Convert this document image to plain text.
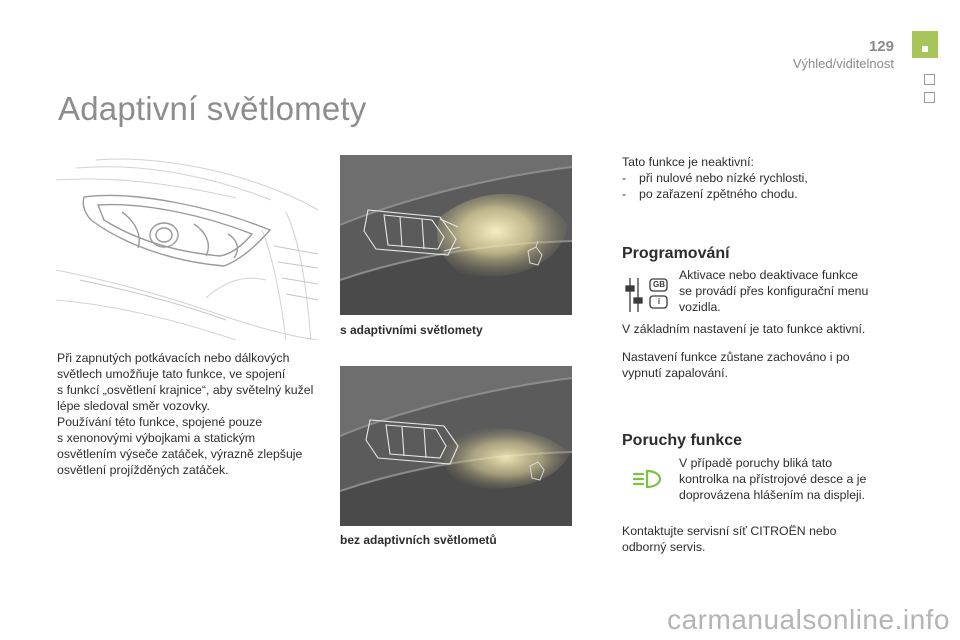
129
Výhled/viditelnost
Adaptivní světlomety
Při zapnutých potkávacích nebo dálkových
světlech umožňuje tato funkce, ve spojení
s funkcí „osvětlení krajnice“, aby světelný kužel
lépe sledoval směr vozovky.
Používání této funkce, spojené pouze
s xenonovými výbojkami a statickým
osvětlením výseče zatáček, výrazně zlepšuje
osvětlení projížděných zatáček.
s adaptivními světlomety
bez adaptivních světlometů
Tato funkce je neaktivní:
- při nulové nebo nízké rychlosti,
- po zařazení zpětného chodu.
Programování
GB
i
Aktivace nebo deaktivace funkce
se provádí přes konfigurační menu
vozidla.
V základním nastavení je tato funkce aktivní.
Nastavení funkce zůstane zachováno i po
vypnutí zapalování.
Poruchy funkce
V případě poruchy bliká tato
kontrolka na přístrojové desce a je
doprovázena hlášením na displeji.
Kontaktujte servisní síť CITROËN nebo
odborný servis.
carmanualsonline.info
